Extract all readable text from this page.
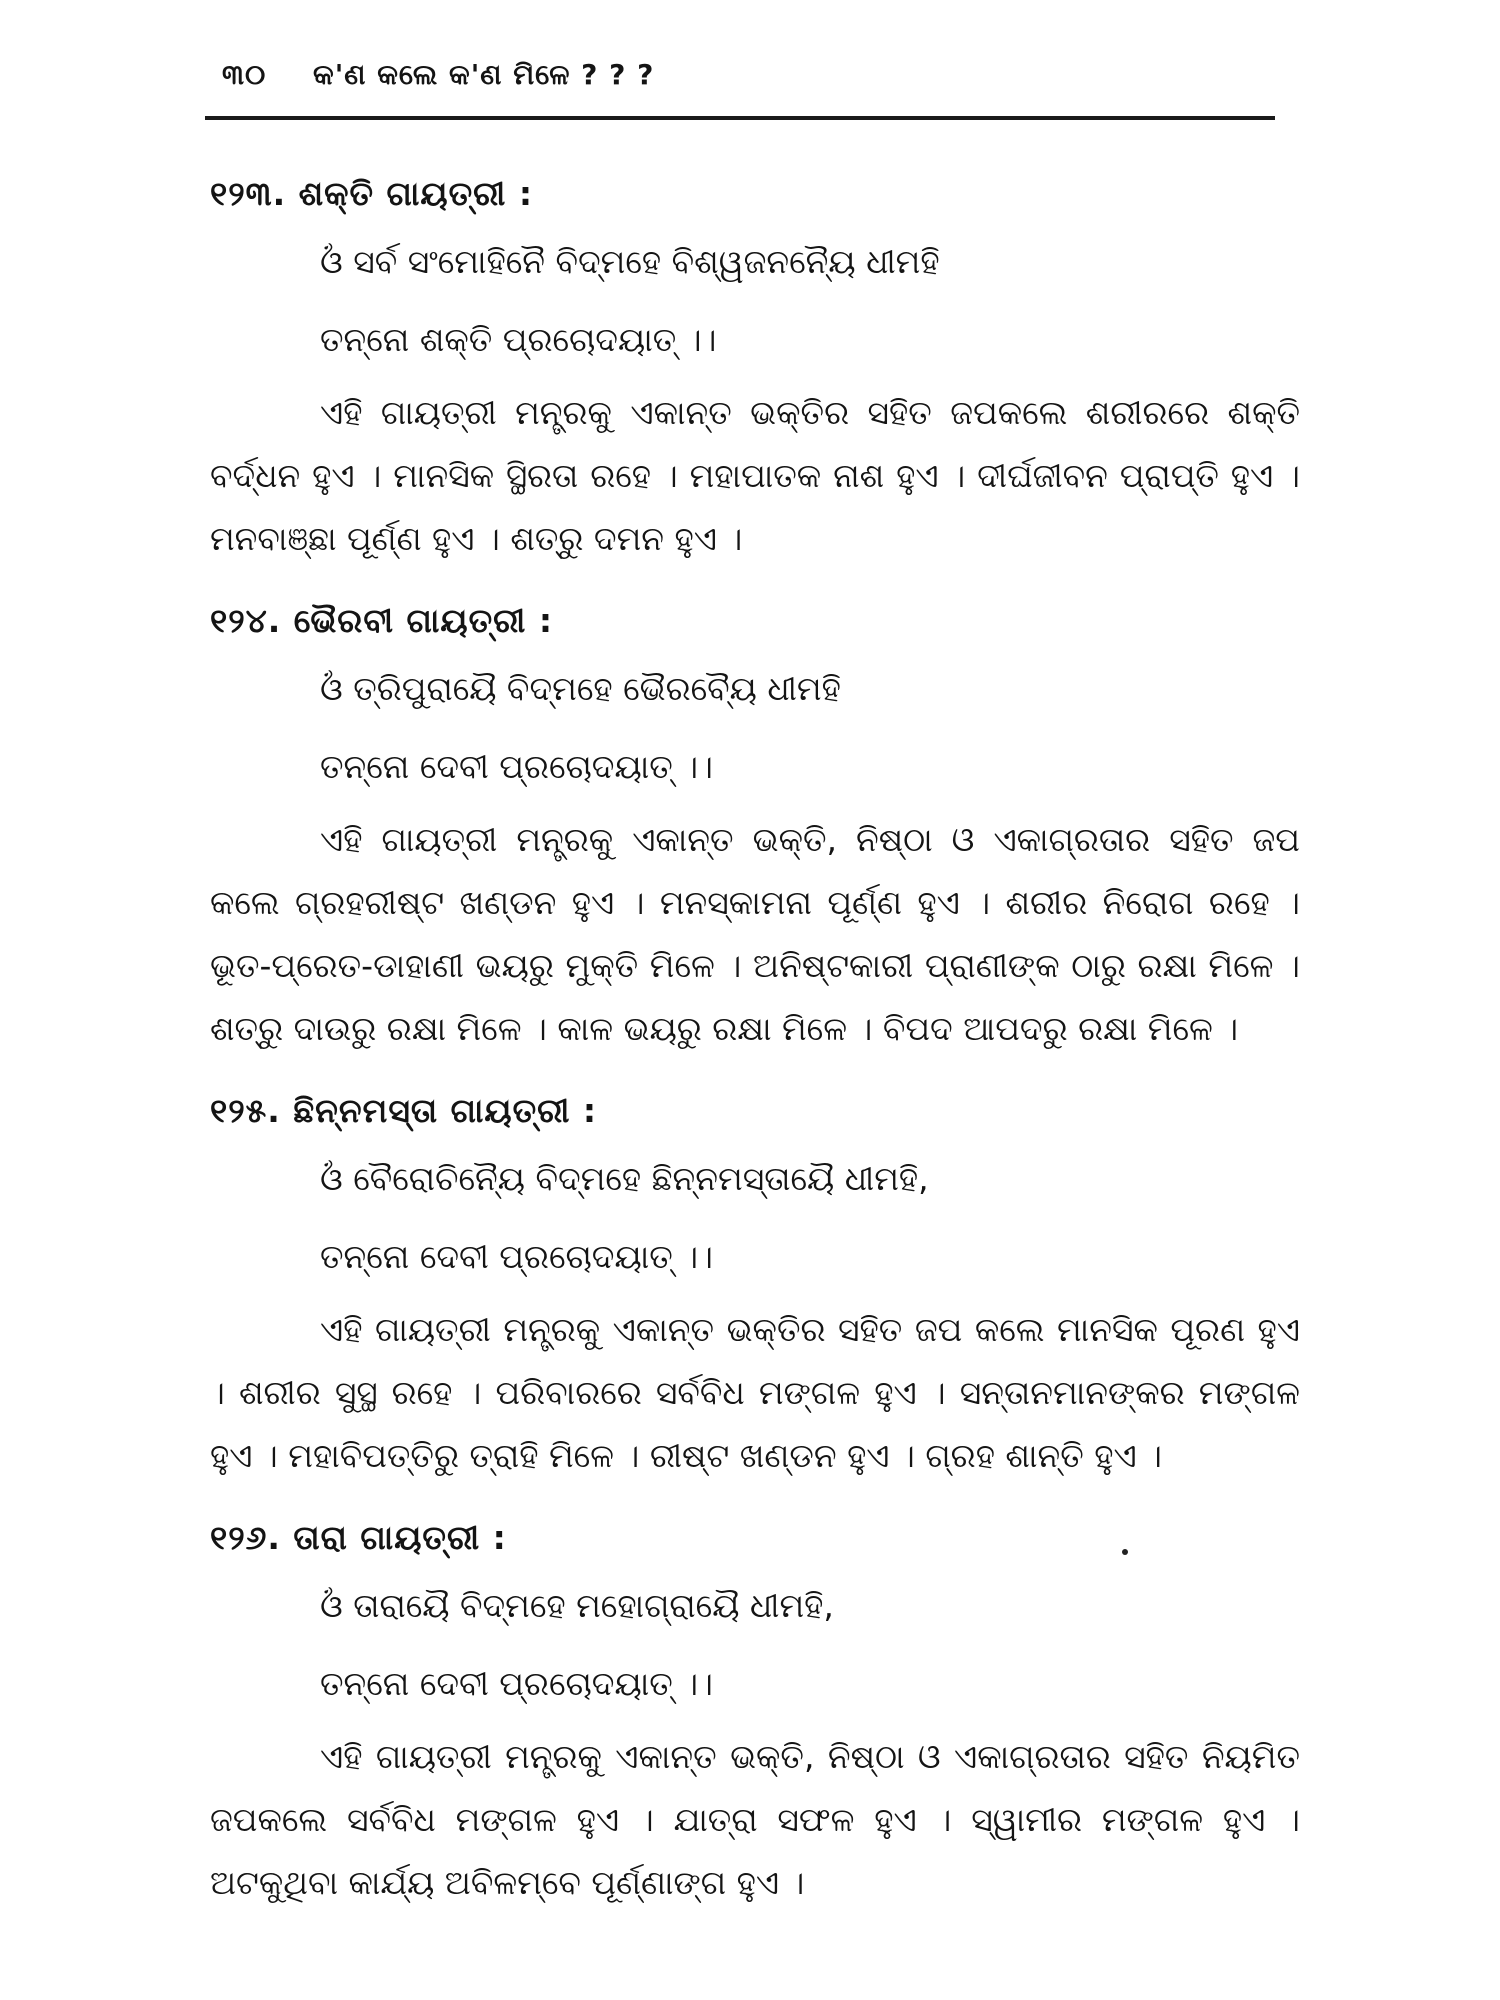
୩୦ କ'ଣ କଲେ କ'ଣ ମିଳେ ? ? ?
୧୨୩. ଶକ୍ତି ଗାୟତ୍ରୀ :
ଓଁ ସର୍ବ ସଂମୋହିନୈ ବିଦ୍ମହେ ବିଶ୍ୱଜନନ୍ୟୈ ଧୀମହି
ତନ୍ନୋ ଶକ୍ତି ପ୍ରଚୋଦୟାତ୍ ।।
ଏହି ଗାୟତ୍ରୀ ମନ୍ତ୍ରକୁ ଏକାନ୍ତ ଭକ୍ତିର ସହିତ ଜପକଲେ ଶରୀରରେ ଶକ୍ତି ବର୍ଦ୍ଧନ ହୁଏ । ମାନସିକ ସ୍ଥିରତା ରହେ । ମହାପାତକ ନାଶ ହୁଏ । ଦୀର୍ଘଜୀବନ ପ୍ରାପ୍ତି ହୁଏ । ମନବାଞ୍ଛା ପୂର୍ଣ୍ଣ ହୁଏ । ଶତ୍ରୁ ଦମନ ହୁଏ ।
୧୨୪. ଭୈରବୀ ଗାୟତ୍ରୀ :
ଓଁ ତ୍ରିପୁରାୟୈ ବିଦ୍ମହେ ଭୈରବ୍ୟୈ ଧୀମହି
ତନ୍ନୋ ଦେବୀ ପ୍ରଚୋଦୟାତ୍ ।।
ଏହି ଗାୟତ୍ରୀ ମନ୍ତ୍ରକୁ ଏକାନ୍ତ ଭକ୍ତି, ନିଷ୍ଠା ଓ ଏକାଗ୍ରତାର ସହିତ ଜପ କଲେ ଗ୍ରହରୀଷ୍ଟ ଖଣ୍ଡନ ହୁଏ । ମନସ୍କାମନା ପୂର୍ଣ୍ଣ ହୁଏ । ଶରୀର ନିରୋଗ ରହେ । ଭୂତ-ପ୍ରେତ-ଡାହାଣୀ ଭୟରୁ ମୁକ୍ତି ମିଳେ । ଅନିଷ୍ଟକାରୀ ପ୍ରାଣୀଙ୍କ ଠାରୁ ରକ୍ଷା ମିଳେ । ଶତ୍ରୁ ଦାଉରୁ ରକ୍ଷା ମିଳେ । କାଳ ଭୟରୁ ରକ୍ଷା ମିଳେ । ବିପଦ ଆପଦରୁ ରକ୍ଷା ମିଳେ ।
୧୨୫. ଛିନ୍ନମସ୍ତା ଗାୟତ୍ରୀ :
ଓଁ ବୈରୋଚିନ୍ୟୈ ବିଦ୍ମହେ ଛିନ୍ନମସ୍ତାୟୈ ଧୀମହି,
ତନ୍ନୋ ଦେବୀ ପ୍ରଚୋଦୟାତ୍ ।।
ଏହି ଗାୟତ୍ରୀ ମନ୍ତ୍ରକୁ ଏକାନ୍ତ ଭକ୍ତିର ସହିତ ଜପ କଲେ ମାନସିକ ପୂରଣ ହୁଏ । ଶରୀର ସୁସ୍ଥ ରହେ । ପରିବାରରେ ସର୍ବବିଧ ମଙ୍ଗଳ ହୁଏ । ସନ୍ତାନମାନଙ୍କର ମଙ୍ଗଳ ହୁଏ । ମହାବିପତ୍ତିରୁ ତ୍ରାହି ମିଳେ । ରୀଷ୍ଟ ଖଣ୍ଡନ ହୁଏ । ଗ୍ରହ ଶାନ୍ତି ହୁଏ ।
୧୨୬. ତାରା ଗାୟତ୍ରୀ :
ଓଁ ତାରାୟୈ ବିଦ୍ମହେ ମହୋଗ୍ରାୟୈ ଧୀମହି,
ତନ୍ନୋ ଦେବୀ ପ୍ରଚୋଦୟାତ୍ ।।
ଏହି ଗାୟତ୍ରୀ ମନ୍ତ୍ରକୁ ଏକାନ୍ତ ଭକ୍ତି, ନିଷ୍ଠା ଓ ଏକାଗ୍ରତାର ସହିତ ନିୟମିତ ଜପକଲେ ସର୍ବବିଧ ମଙ୍ଗଳ ହୁଏ । ଯାତ୍ରା ସଫଳ ହୁଏ । ସ୍ୱାମୀର ମଙ୍ଗଳ ହୁଏ । ଅଟକୁଥିବା କାର୍ଯ୍ୟ ଅବିଳମ୍ବେ ପୂର୍ଣ୍ଣାଙ୍ଗ ହୁଏ ।
